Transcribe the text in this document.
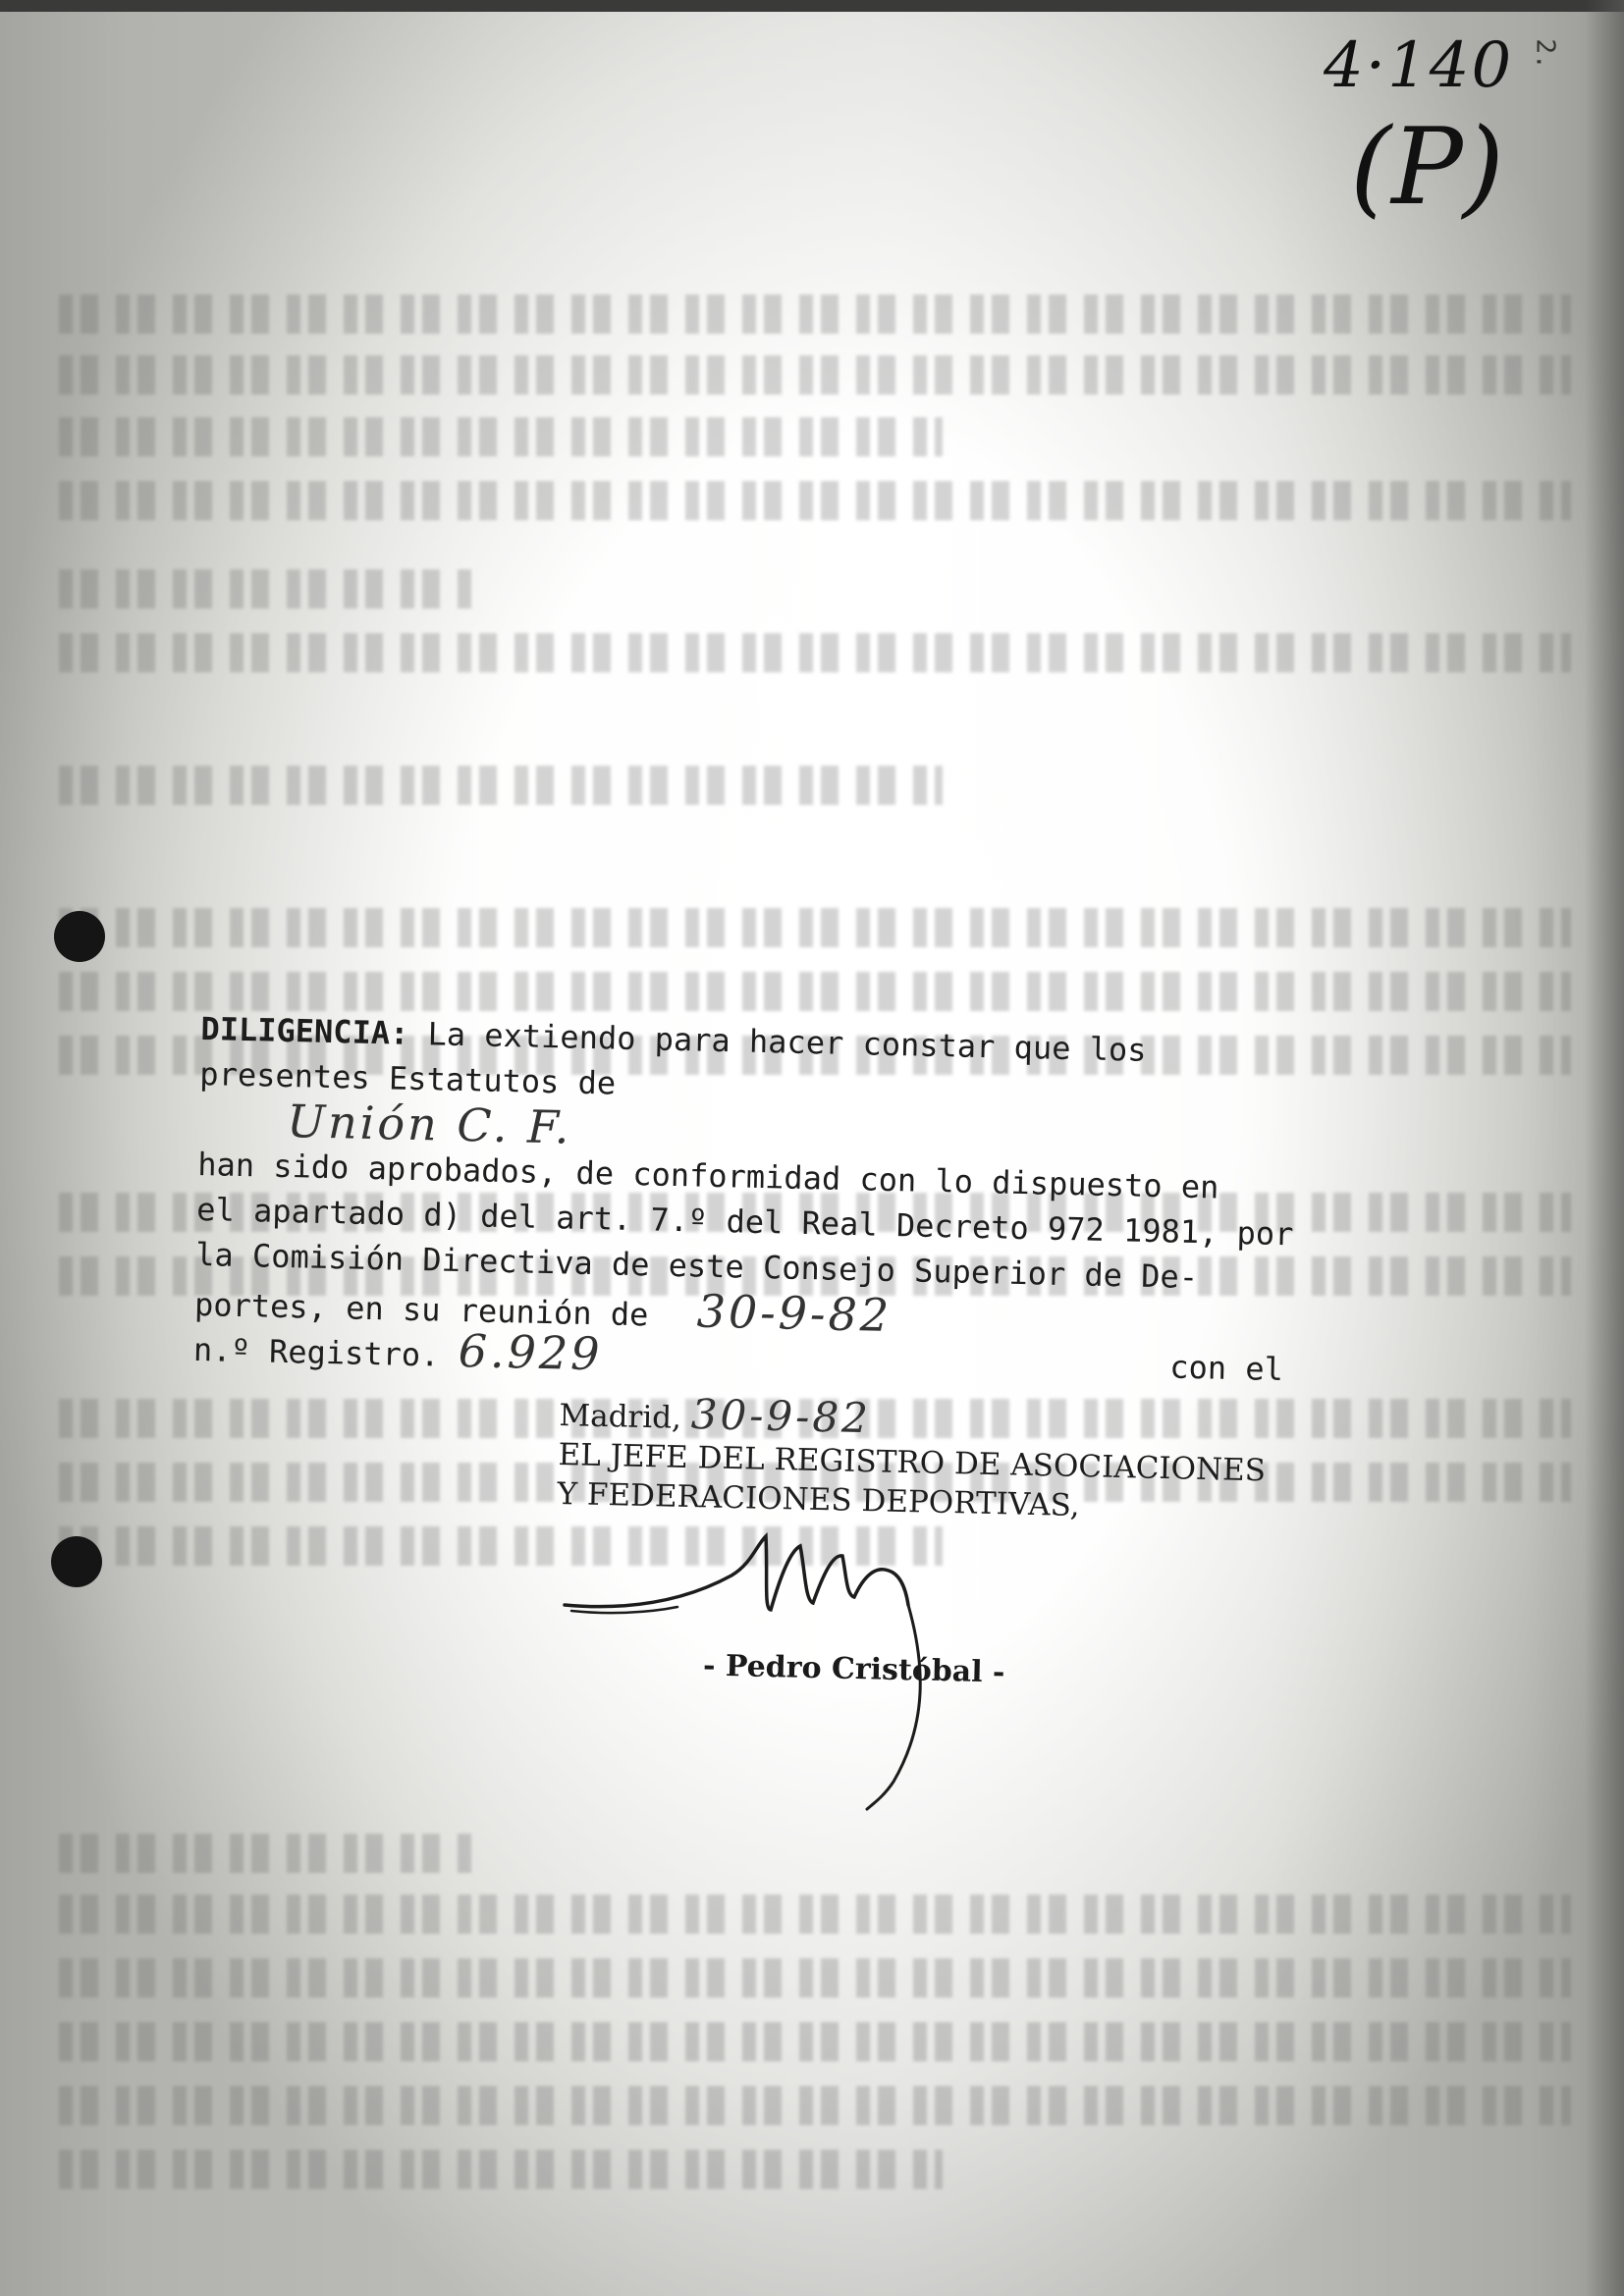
4·140
(P)
2.
DILIGENCIA: La extiendo para hacer constar que los
presentes Estatutos de
Unión C. F.
han sido aprobados, de conformidad con lo dispuesto en
el apartado d) del art. 7.º del Real Decreto 972 1981, por
la Comisión Directiva de este Consejo Superior de De-
portes, en su reunión de 30-9-82
n.º Registro. 6.929	con el
Madrid, 30-9-82
EL JEFE DEL REGISTRO DE ASOCIACIONES
Y FEDERACIONES DEPORTIVAS,
- Pedro Cristóbal -
